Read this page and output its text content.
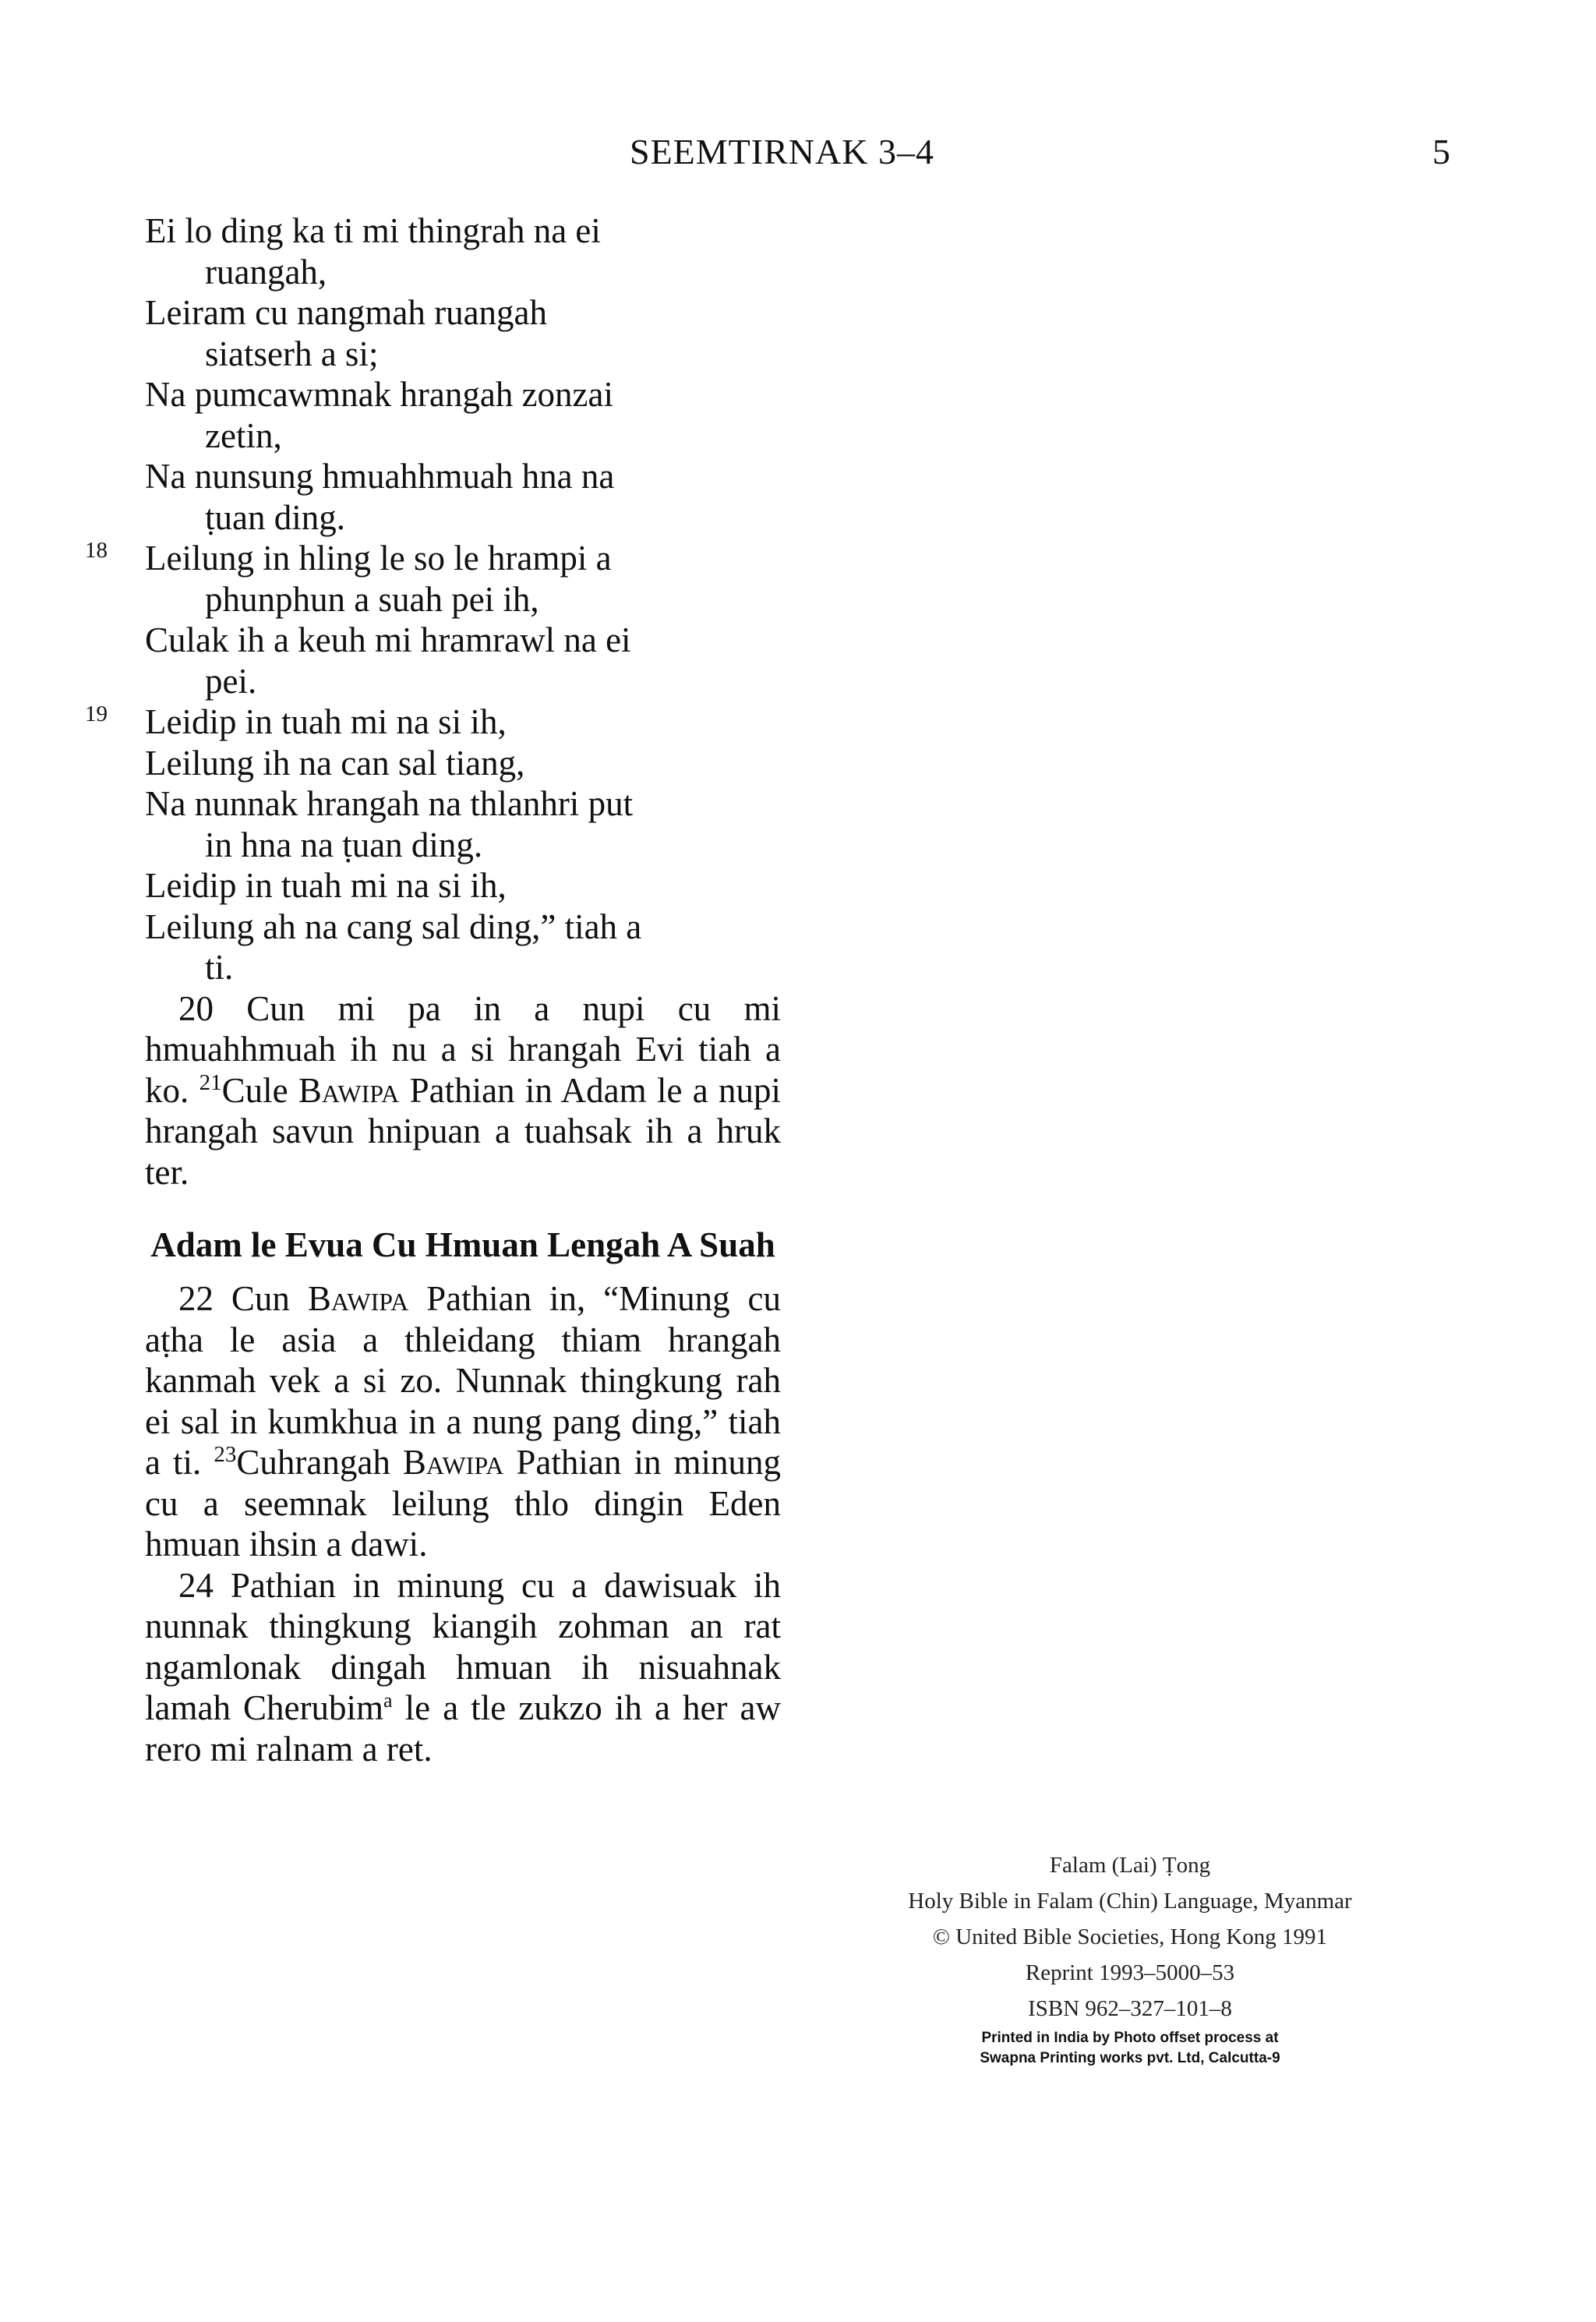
SEEMTIRNAK 3–4	5
Ei lo ding ka ti mi thingrah na ei
ruangah,
Leiram cu nangmah ruangah
siatserh a si;
Na pumcawmnak hrangah zonzai
zetin,
Na nunsung hmuahhmuah hna na
ṭuan ding.
18 Leilung in hling le so le hrampi a
phunphun a suah pei ih,
Culak ih a keuh mi hramrawl na ei
pei.
19 Leidip in tuah mi na si ih,
Leilung ih na can sal tiang,
Na nunnak hrangah na thlanhri put
in hna na ṭuan ding.
Leidip in tuah mi na si ih,
Leilung ah na cang sal ding,” tiah a
ti.

20 Cun mi pa in a nupi cu mi hmuahhmuah ih nu a si hrangah Evi tiah a ko. $^{21}$Cule Bawipa Pathian in Adam le a nupi hrangah savun hnipuan a tuahsak ih a hruk ter.

Adam le Evua Cu Hmuan Lengah A Suah

22 Cun Bawipa Pathian in, “Minung cu aṭha le asia a thleidang thiam hrangah kanmah vek a si zo. Nunnak thingkung rah ei sal in kumkhua in a nung pang ding,” tiah a ti. $^{23}$Cuhrangah Bawipa Pathian in minung cu a seemnak leilung thlo dingin Eden hmuan ihsin a dawi.

24 Pathian in minung cu a dawisuak ih nunnak thingkung kiangih zohman an rat ngamlonak dingah hmuan ih nisuahnak lamah Cherubim$^a$ le a tle zukzo ih a her aw rero mi ralnam a ret.

Falam (Lai) Ṭong
Holy Bible in Falam (Chin) Language, Myanmar
© United Bible Societies, Hong Kong 1991
Reprint 1993–5000–53
ISBN 962–327–101–8
Printed in India by Photo offset process at
Swapna Printing works pvt. Ltd, Calcutta-9
